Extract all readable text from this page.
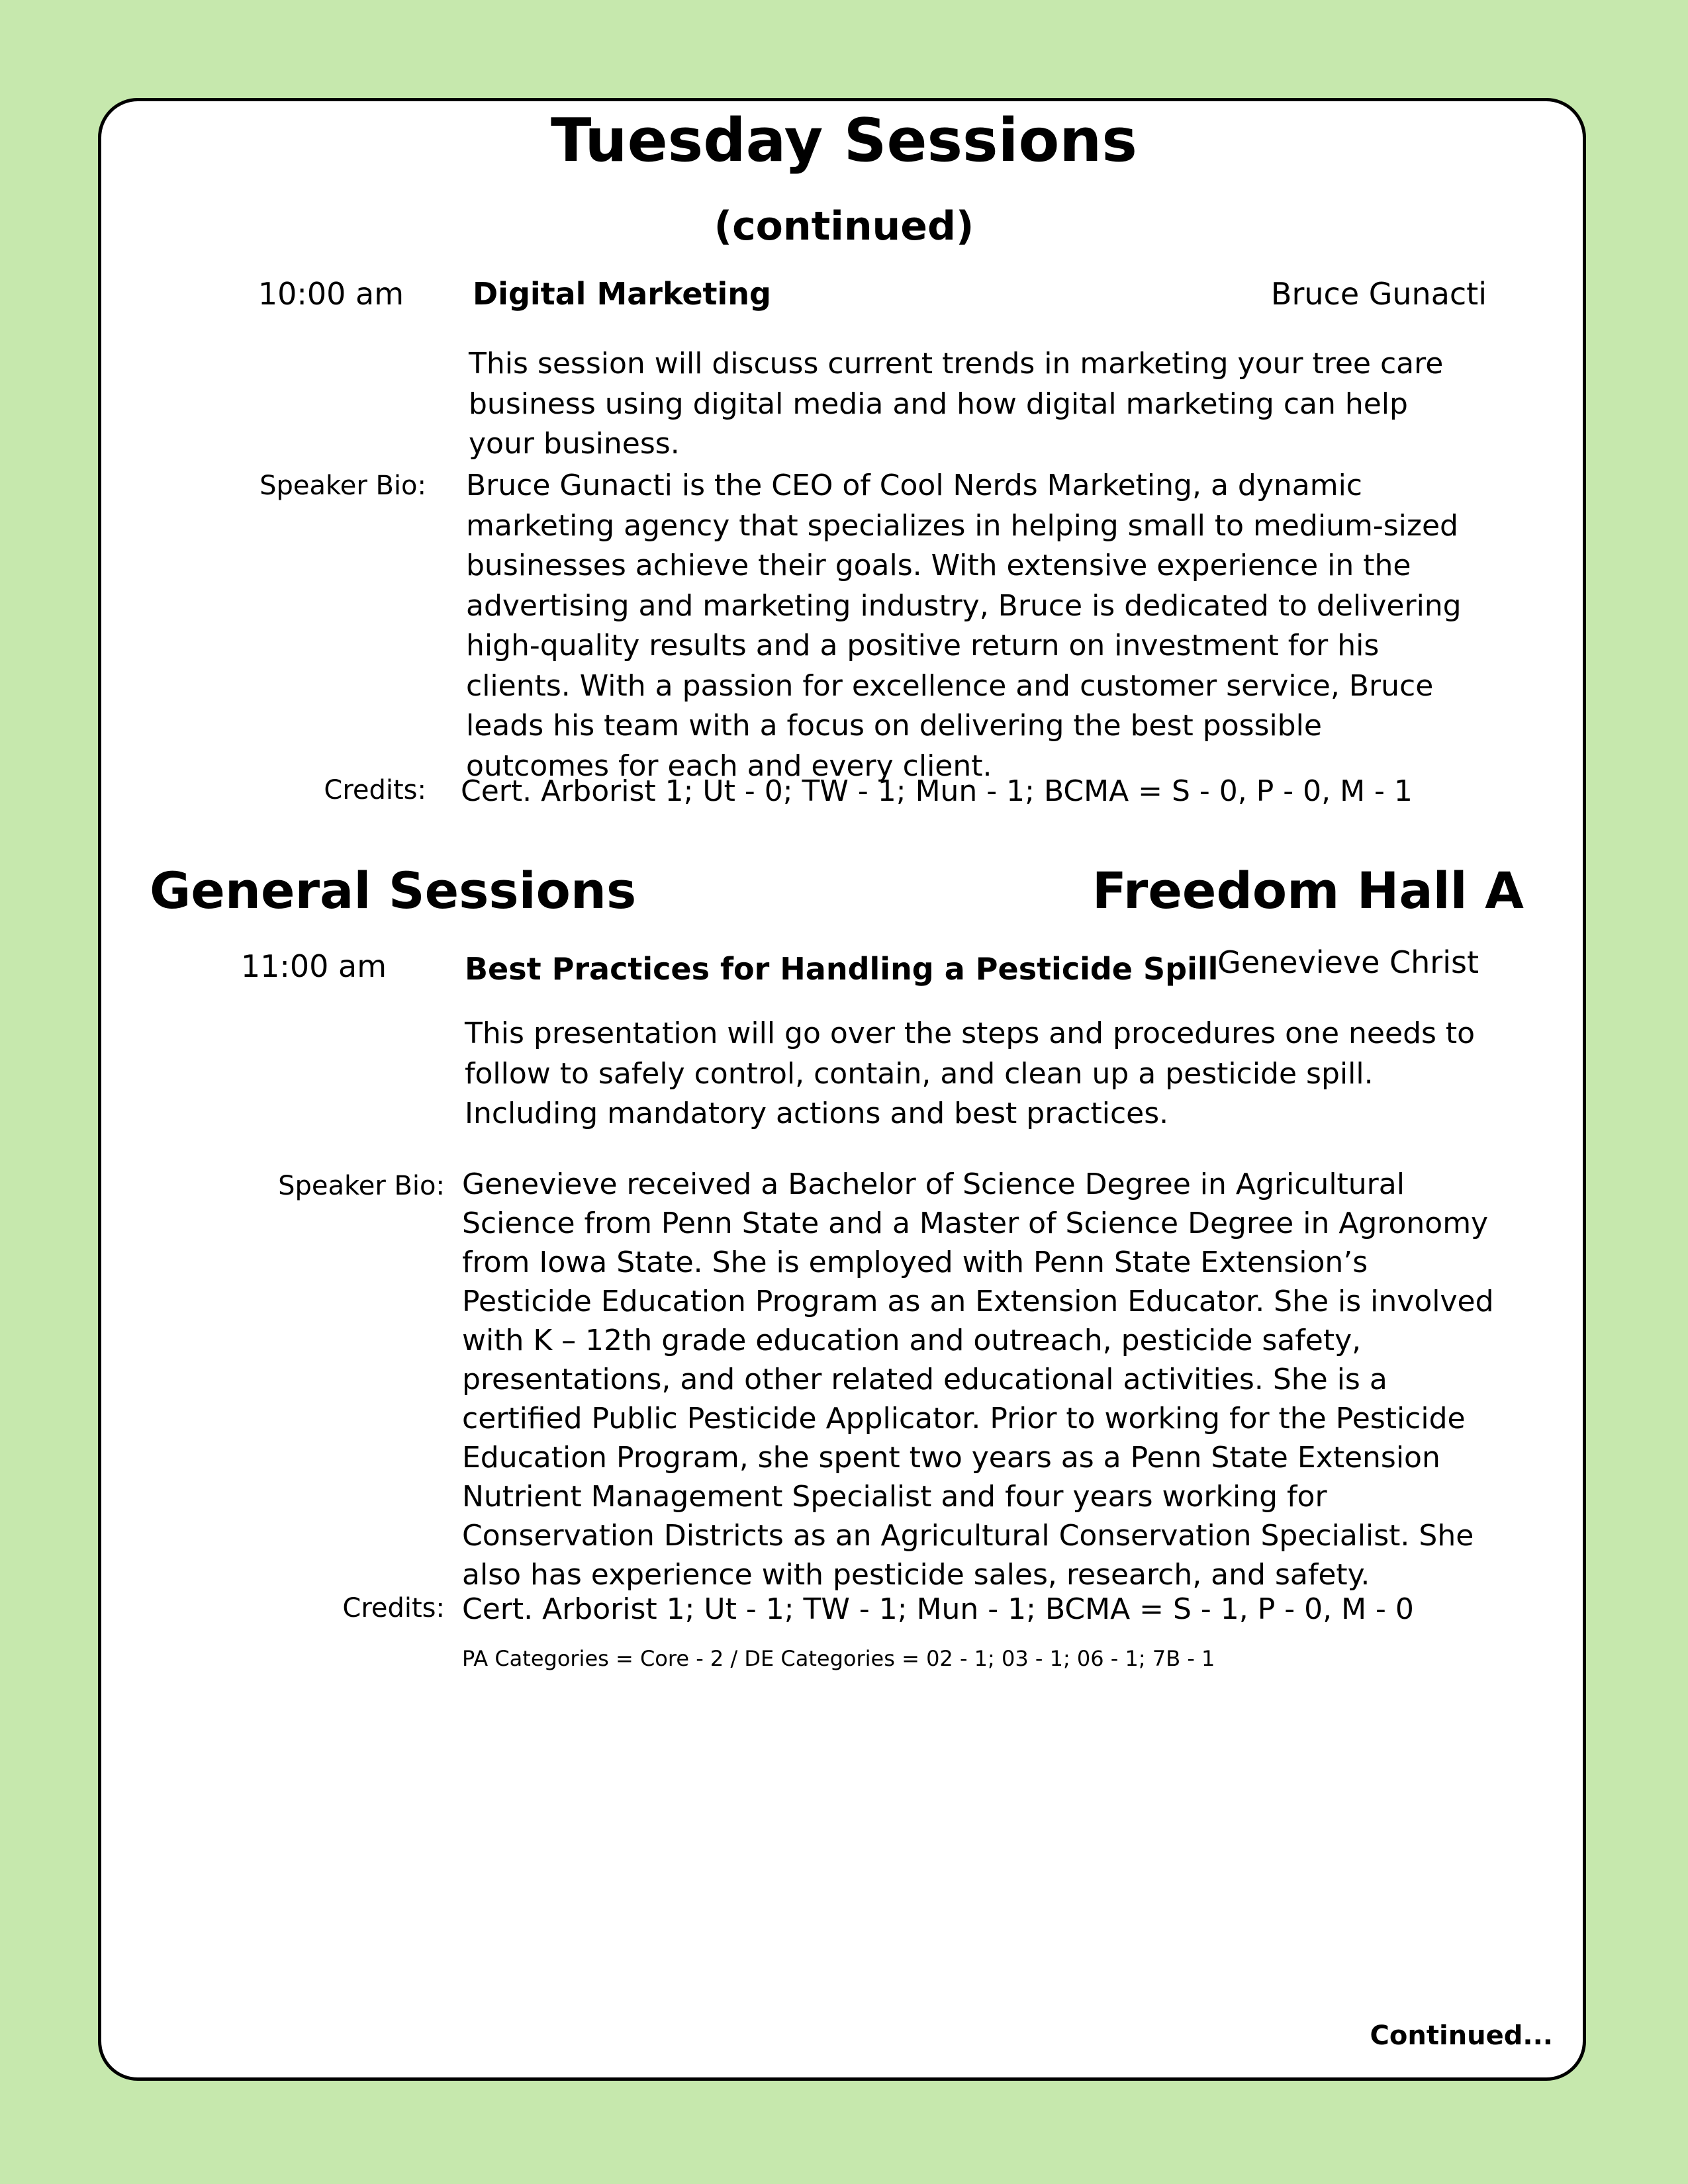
Tuesday Sessions
(continued)
10:00 am Digital Marketing	Bruce Gunacti
This session will discuss current trends in marketing your tree care business using digital media and how digital marketing can help your business.
Speaker Bio: Bruce Gunacti is the CEO of Cool Nerds Marketing, a dynamic marketing agency that specializes in helping small to medium-sized businesses achieve their goals. With extensive experience in the advertising and marketing industry, Bruce is dedicated to delivering high-quality results and a positive return on investment for his clients. With a passion for excellence and customer service, Bruce leads his team with a focus on delivering the best possible outcomes for each and every client.
Credits: Cert. Arborist 1; Ut - 0; TW - 1; Mun - 1; BCMA = S - 0, P - 0, M - 1
General Sessions	Freedom Hall A
11:00 am	Best Practices for Handling a Pesticide Spill
Genevieve Christ
This presentation will go over the steps and procedures one needs to follow to safely control, contain, and clean up a pesticide spill. Including mandatory actions and best practices.
Speaker Bio: Genevieve received a Bachelor of Science Degree in Agricultural Science from Penn State and a Master of Science Degree in Agronomy from Iowa State. She is employed with Penn State Extension’s Pesticide Education Program as an Extension Educator. She is involved with K – 12th grade education and outreach, pesticide safety, presentations, and other related educational activities. She is a certified Public Pesticide Applicator. Prior to working for the Pesticide Education Program, she spent two years as a Penn State Extension Nutrient Management Specialist and four years working for Conservation Districts as an Agricultural Conservation Specialist. She also has experience with pesticide sales, research, and safety.
Credits: Cert. Arborist 1; Ut - 1; TW - 1; Mun - 1; BCMA = S - 1, P - 0, M - 0
PA Categories = Core - 2 / DE Categories = 02 - 1; 03 - 1; 06 - 1; 7B - 1
Continued...
